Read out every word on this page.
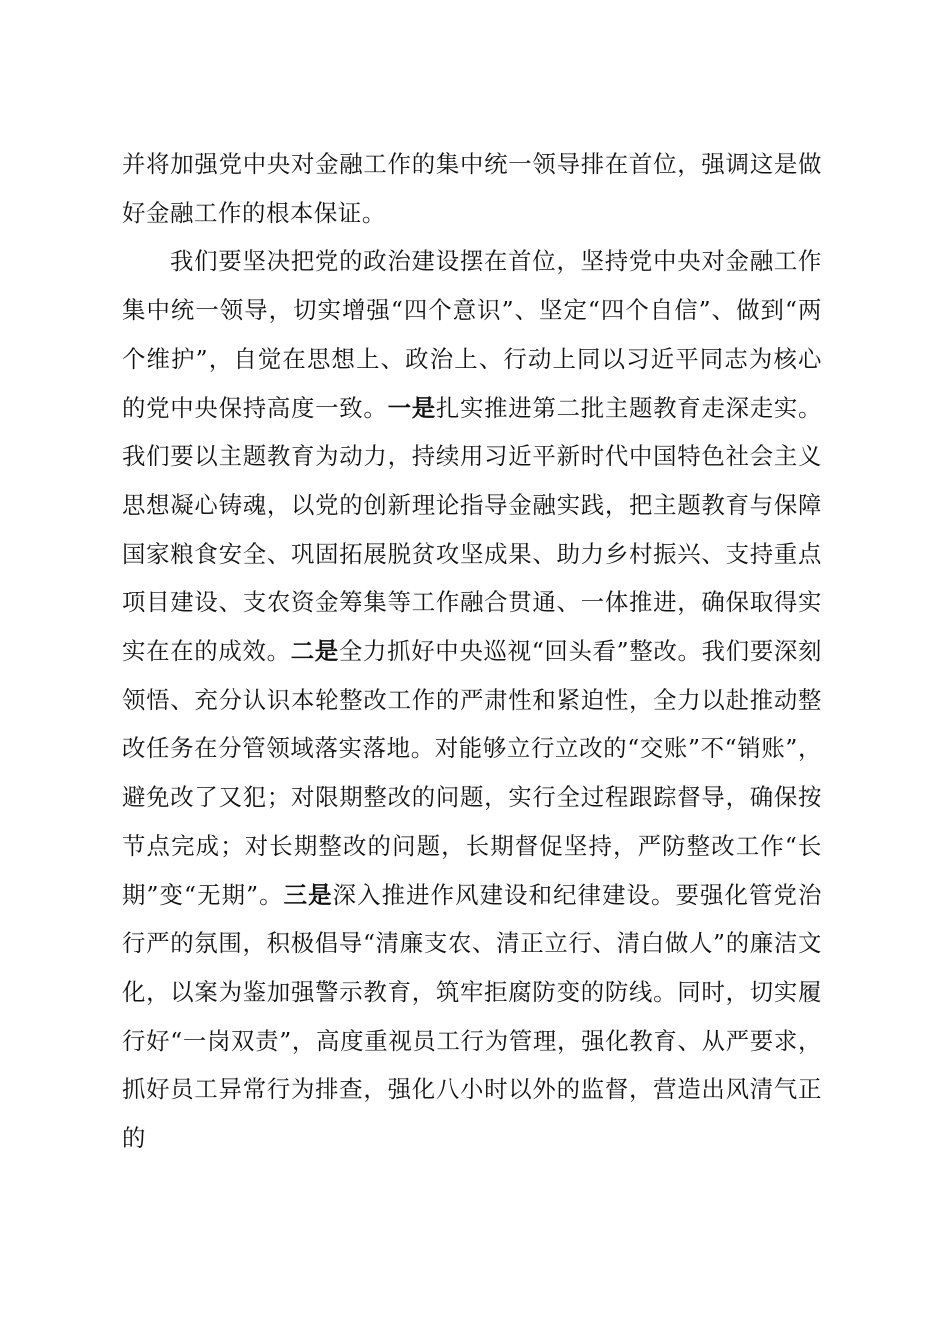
并将加强党中央对金融工作的集中统一领导排在首位，强调这是做好金融工作的根本保证。

我们要坚决把党的政治建设摆在首位，坚持党中央对金融工作集中统一领导，切实增强“四个意识”、坚定“四个自信”、做到“两个维护”，自觉在思想上、政治上、行动上同以习近平同志为核心的党中央保持高度一致。一是扎实推进第二批主题教育走深走实。我们要以主题教育为动力，持续用习近平新时代中国特色社会主义思想凝心铸魂，以党的创新理论指导金融实践，把主题教育与保障国家粮食安全、巩固拓展脱贫攻坚成果、助力乡村振兴、支持重点项目建设、支农资金筹集等工作融合贯通、一体推进，确保取得实实在在的成效。二是全力抓好中央巡视“回头看”整改。我们要深刻领悟、充分认识本轮整改工作的严肃性和紧迫性，全力以赴推动整改任务在分管领域落实落地。对能够立行立改的“交账”不“销账”，避免改了又犯；对限期整改的问题，实行全过程跟踪督导，确保按节点完成；对长期整改的问题，长期督促坚持，严防整改工作“长期”变“无期”。三是深入推进作风建设和纪律建设。要强化管党治行严的氛围，积极倡导“清廉支农、清正立行、清白做人”的廉洁文化，以案为鉴加强警示教育，筑牢拒腐防变的防线。同时，切实履行好“一岗双责”，高度重视员工行为管理，强化教育、从严要求，抓好员工异常行为排查，强化八小时以外的监督，营造出风清气正的
